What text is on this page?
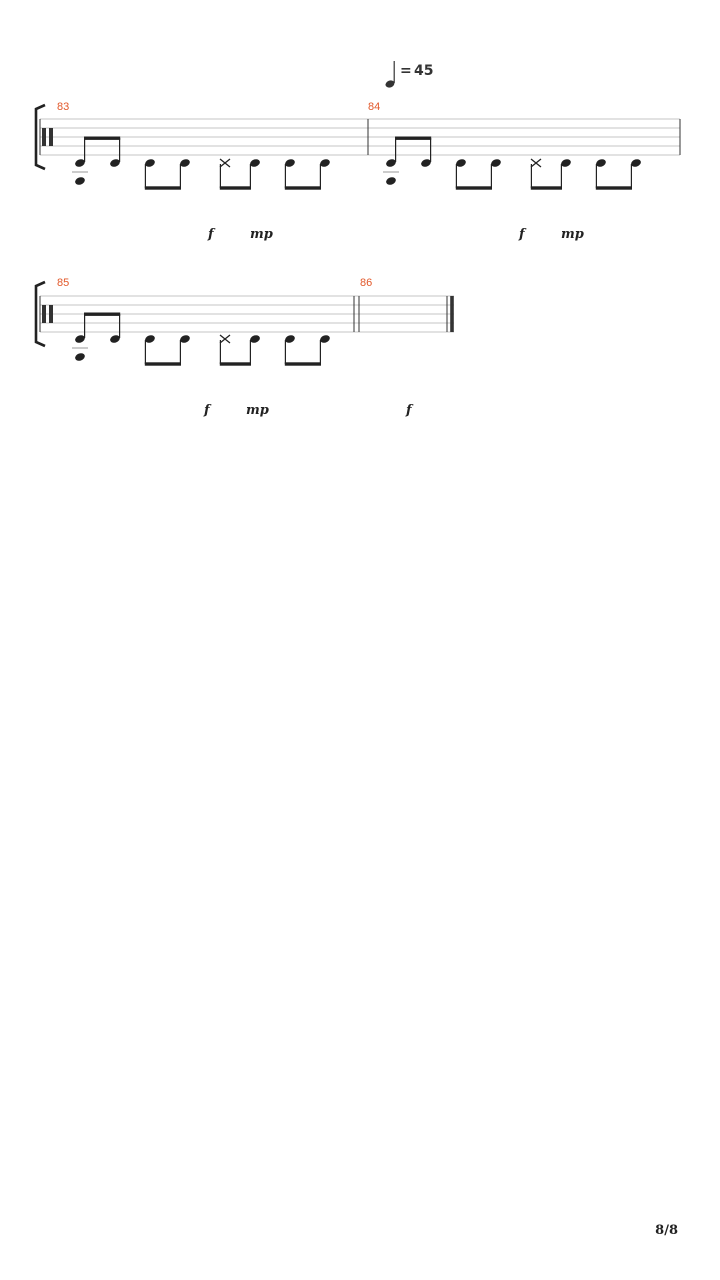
= 45
83	84
85	86
f	mp	f	mp
f	mp	f
8/8
